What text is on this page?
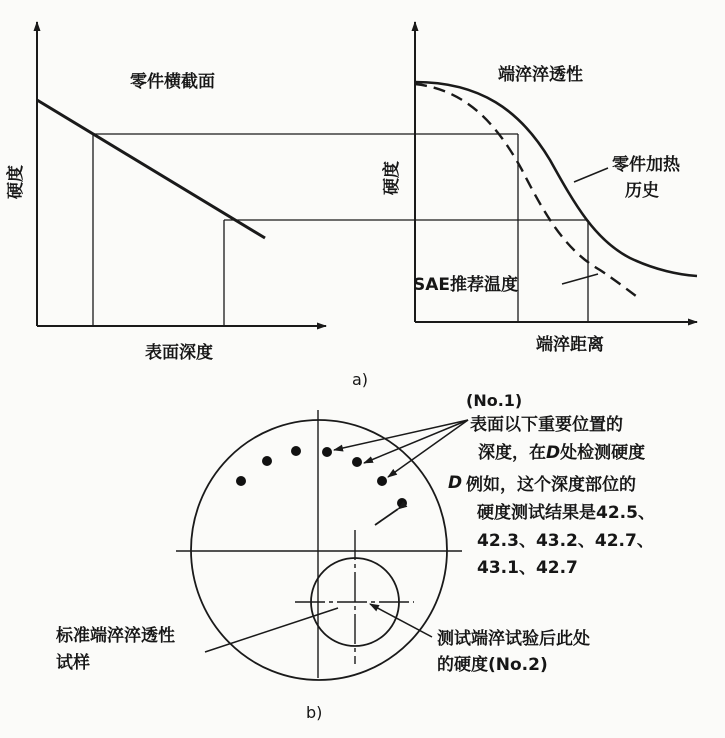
零件横截面
硬度
表面深度
端淬淬透性
硬度
端淬距离
零件加热
历史
SAE推荐温度
a)
D
(No.1)
表面以下重要位置的
深度，在D处检测硬度
例如，这个深度部位的
硬度测试结果是42.5、
42.3、43.2、42.7、
43.1、42.7
标准端淬淬透性
试样
测试端淬试验后此处
的硬度(No.2)
b)
